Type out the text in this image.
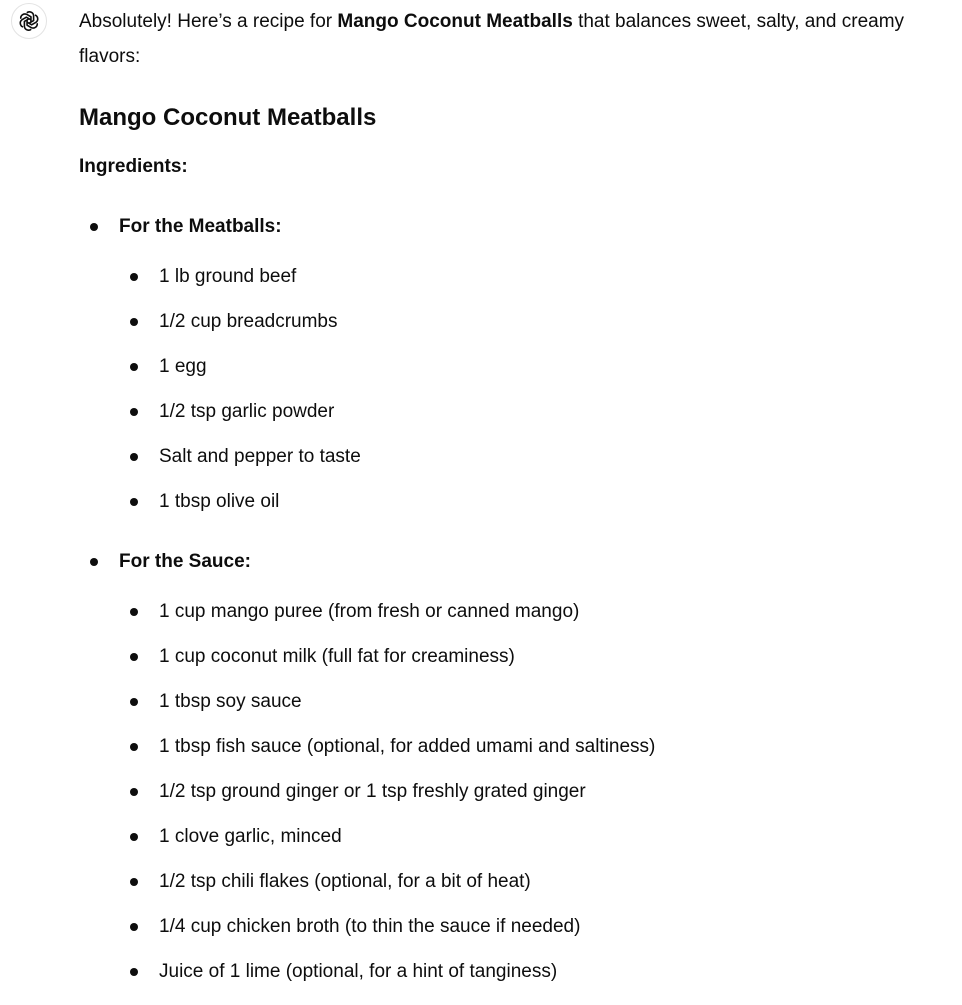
Absolutely! Here’s a recipe for Mango Coconut Meatballs that balances sweet, salty, and creamy
flavors:

Mango Coconut Meatballs

Ingredients:

For the Meatballs:
1 lb ground beef
1/2 cup breadcrumbs
1 egg
1/2 tsp garlic powder
Salt and pepper to taste
1 tbsp olive oil
For the Sauce:
1 cup mango puree (from fresh or canned mango)
1 cup coconut milk (full fat for creaminess)
1 tbsp soy sauce
1 tbsp fish sauce (optional, for added umami and saltiness)
1/2 tsp ground ginger or 1 tsp freshly grated ginger
1 clove garlic, minced
1/2 tsp chili flakes (optional, for a bit of heat)
1/4 cup chicken broth (to thin the sauce if needed)
Juice of 1 lime (optional, for a hint of tanginess)
